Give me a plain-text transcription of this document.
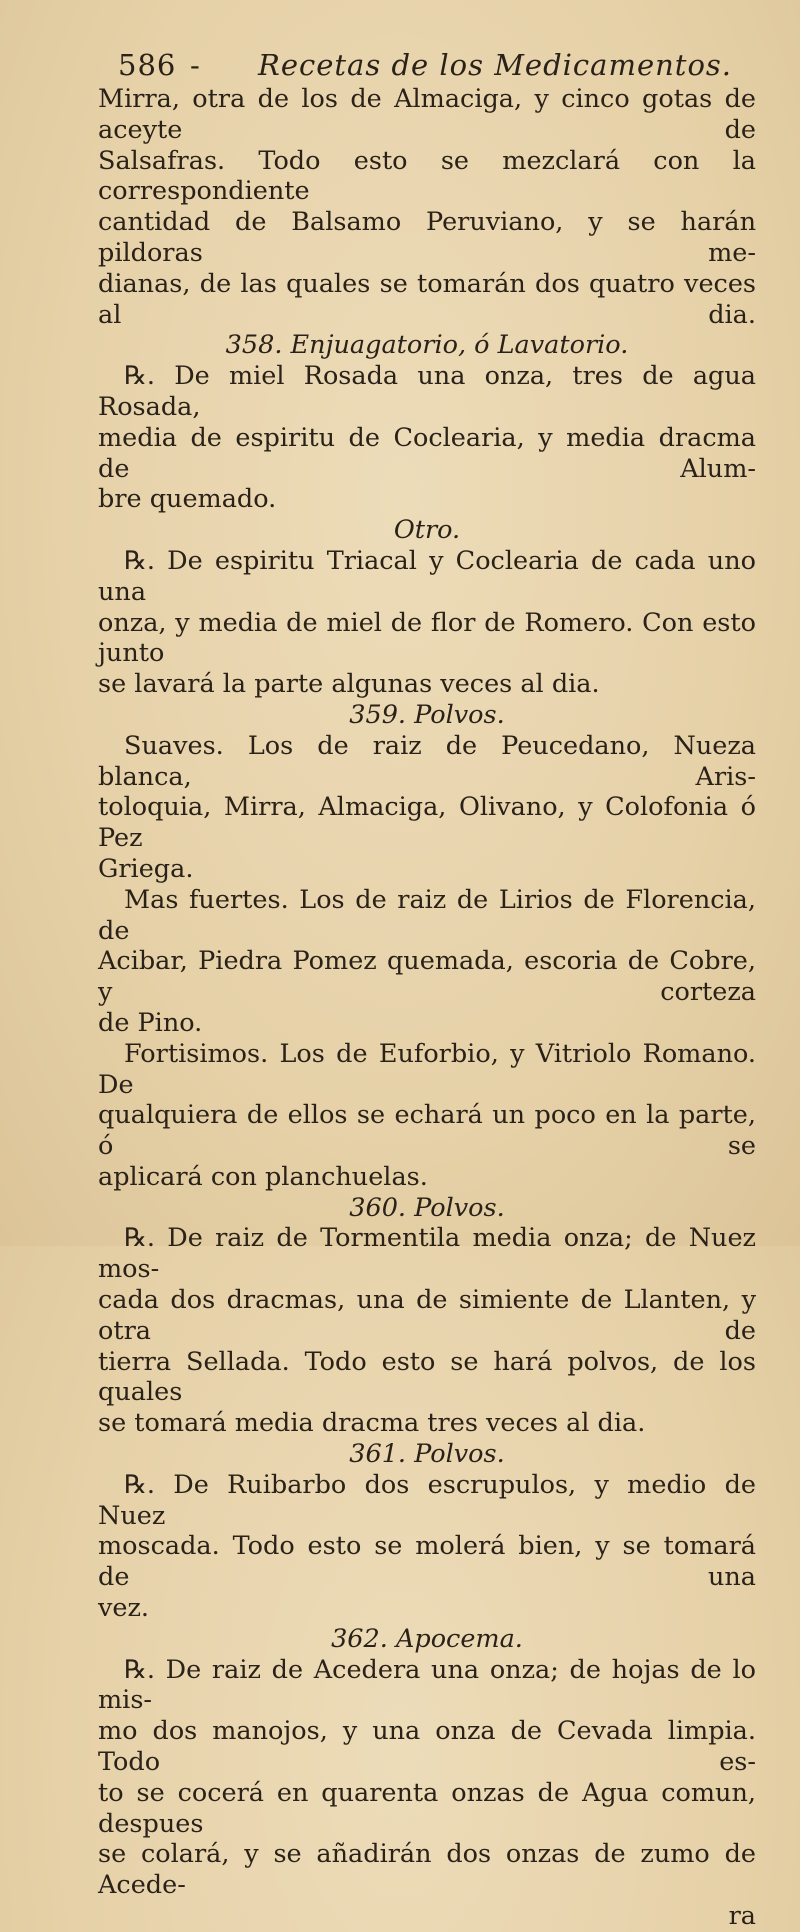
586 - Recetas de los Medicamentos.
Mirra, otra de los de Almaciga, y cinco gotas de aceyte de
Salsafras. Todo esto se mezclará con la correspondiente
cantidad de Balsamo Peruviano, y se harán pildoras me-
dianas, de las quales se tomarán dos quatro veces al dia.
358. Enjuagatorio, ó Lavatorio.
℞. De miel Rosada una onza, tres de agua Rosada,
media de espiritu de Coclearia, y media dracma de Alum-
bre quemado.
Otro.
℞. De espiritu Triacal y Coclearia de cada uno una
onza, y media de miel de flor de Romero. Con esto junto
se lavará la parte algunas veces al dia.
359. Polvos.
Suaves. Los de raiz de Peucedano, Nueza blanca, Aris-
toloquia, Mirra, Almaciga, Olivano, y Colofonia ó Pez
Griega.
Mas fuertes. Los de raiz de Lirios de Florencia, de
Acibar, Piedra Pomez quemada, escoria de Cobre, y corteza
de Pino.
Fortisimos. Los de Euforbio, y Vitriolo Romano. De
qualquiera de ellos se echará un poco en la parte, ó se
aplicará con planchuelas.
360. Polvos.
℞. De raiz de Tormentila media onza; de Nuez mos-
cada dos dracmas, una de simiente de Llanten, y otra de
tierra Sellada. Todo esto se hará polvos, de los quales
se tomará media dracma tres veces al dia.
361. Polvos.
℞. De Ruibarbo dos escrupulos, y medio de Nuez
moscada. Todo esto se molerá bien, y se tomará de una
vez.
362. Apocema.
℞. De raiz de Acedera una onza; de hojas de lo mis-
mo dos manojos, y una onza de Cevada limpia. Todo es-
to se cocerá en quarenta onzas de Agua comun, despues
se colará, y se añadirán dos onzas de zumo de Acede-
ra
